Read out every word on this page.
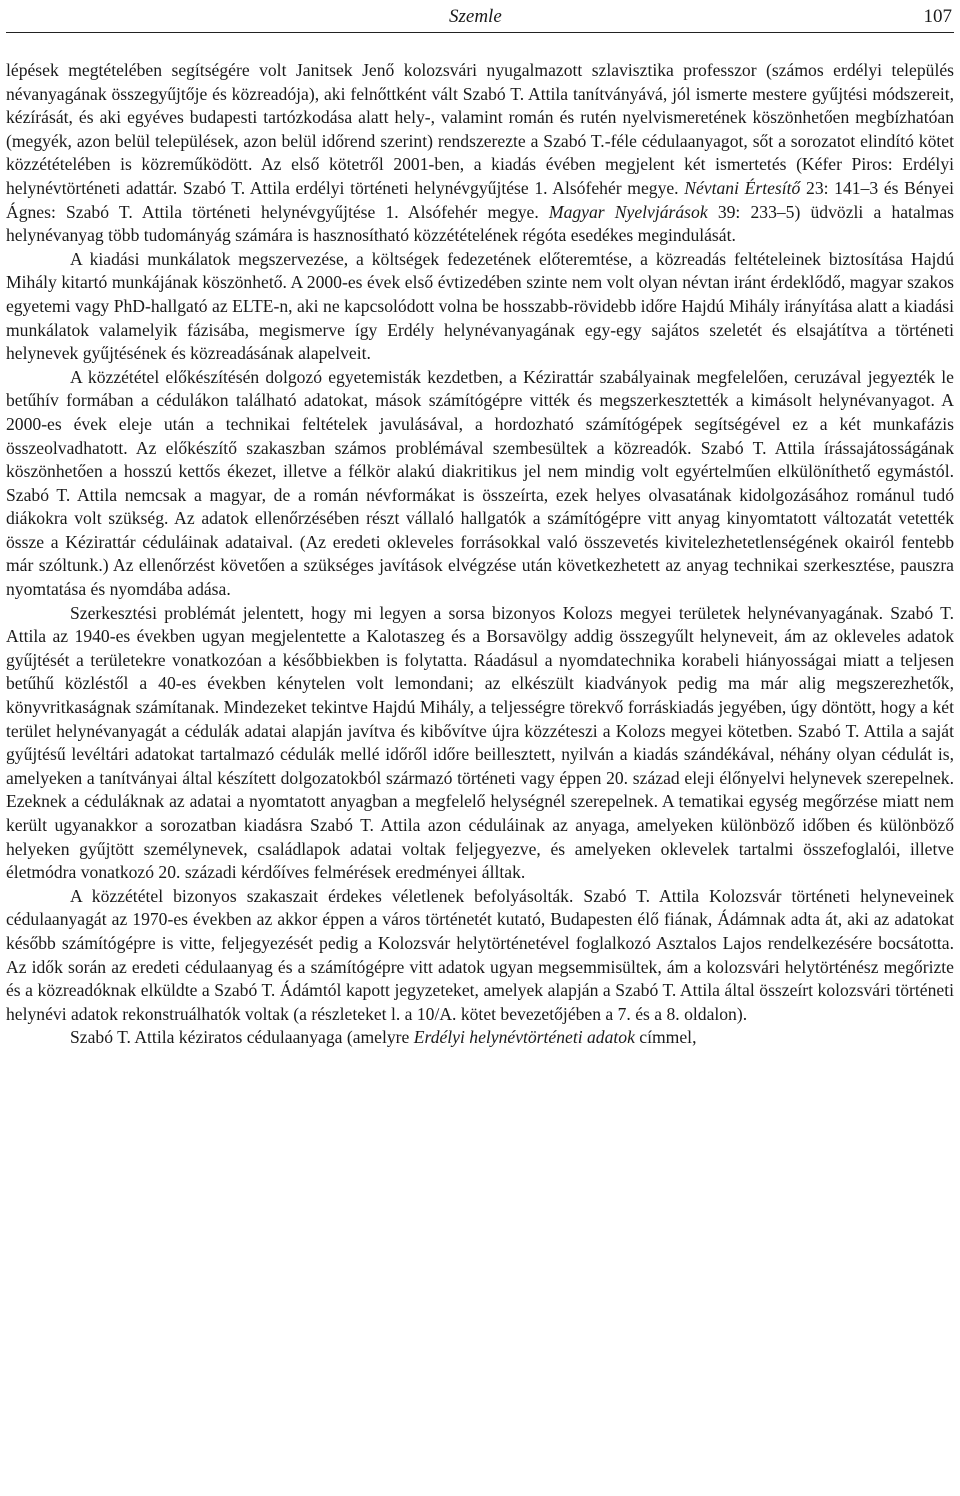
Szemle	107

lépések megtételében segítségére volt Janitsek Jenő kolozsvári nyugalmazott szlavisztika professzor (számos erdélyi település névanyagának összegyűjtője és közreadója), aki felnőttként vált Szabó T. Attila tanítványává, jól ismerte mestere gyűjtési módszereit, kézírását, és aki egyéves budapesti tartózkodása alatt hely-, valamint román és rutén nyelvismeretének köszönhetően megbízhatóan (megyék, azon belül települések, azon belül időrend szerint) rendszerezte a Szabó T.-féle cédulaanyagot, sőt a sorozatot elindító kötet közzétételében is közreműködött. Az első kötetről 2001-ben, a kiadás évében megjelent két ismertetés (Kéfer Piros: Erdélyi helynévtörténeti adattár. Szabó T. Attila erdélyi történeti helynévgyűjtése 1. Alsófehér megye. Névtani Értesítő 23: 141–3 és Bényei Ágnes: Szabó T. Attila történeti helynévgyűjtése 1. Alsófehér megye. Magyar Nyelvjárások 39: 233–5) üdvözli a hatalmas helynévanyag több tudományág számára is hasznosítható közzétételének régóta esedékes megindulását.

A kiadási munkálatok megszervezése, a költségek fedezetének előteremtése, a közreadás feltételeinek biztosítása Hajdú Mihály kitartó munkájának köszönhető. A 2000-es évek első évtizedében szinte nem volt olyan névtan iránt érdeklődő, magyar szakos egyetemi vagy PhD-hallgató az ELTE-n, aki ne kapcsolódott volna be hosszabb-rövidebb időre Hajdú Mihály irányítása alatt a kiadási munkálatok valamelyik fázisába, megismerve így Erdély helynévanyagának egy-egy sajátos szeletét és elsajátítva a történeti helynevek gyűjtésének és közreadásának alapelveit.

A közzététel előkészítésén dolgozó egyetemisták kezdetben, a Kézirattár szabályainak megfelelően, ceruzával jegyezték le betűhív formában a cédulákon található adatokat, mások számítógépre vitték és megszerkesztették a kimásolt helynévanyagot. A 2000-es évek eleje után a technikai feltételek javulásával, a hordozható számítógépek segítségével ez a két munkafázis összeolvadhatott. Az előkészítő szakaszban számos problémával szembesültek a közreadók. Szabó T. Attila írássajátosságának köszönhetően a hosszú kettős ékezet, illetve a félkör alakú diakritikus jel nem mindig volt egyértelműen elkülöníthető egymástól. Szabó T. Attila nemcsak a magyar, de a román névformákat is összeírta, ezek helyes olvasatának kidolgozásához románul tudó diákokra volt szükség. Az adatok ellenőrzésében részt vállaló hallgatók a számítógépre vitt anyag kinyomtatott változatát vetették össze a Kézirattár céduláinak adataival. (Az eredeti okleveles forrásokkal való összevetés kivitelezhetetlenségének okairól fentebb már szóltunk.) Az ellenőrzést követően a szükséges javítások elvégzése után következhetett az anyag technikai szerkesztése, pauszra nyomtatása és nyomdába adása.

Szerkesztési problémát jelentett, hogy mi legyen a sorsa bizonyos Kolozs megyei területek helynévanyagának. Szabó T. Attila az 1940-es években ugyan megjelentette a Kalotaszeg és a Borsavölgy addig összegyűlt helyneveit, ám az okleveles adatok gyűjtését a területekre vonatkozóan a későbbiekben is folytatta. Ráadásul a nyomdatechnika korabeli hiányosságai miatt a teljesen betűhű közléstől a 40-es években kénytelen volt lemondani; az elkészült kiadványok pedig ma már alig megszerezhetők, könyvritkaságnak számítanak. Mindezeket tekintve Hajdú Mihály, a teljességre törekvő forráskiadás jegyében, úgy döntött, hogy a két terület helynévanyagát a cédulák adatai alapján javítva és kibővítve újra közzéteszi a Kolozs megyei kötetben. Szabó T. Attila a saját gyűjtésű levéltári adatokat tartalmazó cédulák mellé időről időre beillesztett, nyilván a kiadás szándékával, néhány olyan cédulát is, amelyeken a tanítványai által készített dolgozatokból származó történeti vagy éppen 20. század eleji élőnyelvi helynevek szerepelnek. Ezeknek a céduláknak az adatai a nyomtatott anyagban a megfelelő helységnél szerepelnek. A tematikai egység megőrzése miatt nem került ugyanakkor a sorozatban kiadásra Szabó T. Attila azon céduláinak az anyaga, amelyeken különböző időben és különböző helyeken gyűjtött személynevek, családlapok adatai voltak feljegyezve, és amelyeken oklevelek tartalmi összefoglalói, illetve életmódra vonatkozó 20. századi kérdőíves felmérések eredményei álltak.

A közzététel bizonyos szakaszait érdekes véletlenek befolyásolták. Szabó T. Attila Kolozsvár történeti helyneveinek cédulaanyagát az 1970-es években az akkor éppen a város történetét kutató, Budapesten élő fiának, Ádámnak adta át, aki az adatokat később számítógépre is vitte, feljegyezését pedig a Kolozsvár helytörténetével foglalkozó Asztalos Lajos rendelkezésére bocsátotta. Az idők során az eredeti cédulaanyag és a számítógépre vitt adatok ugyan megsemmisültek, ám a kolozsvári helytörténész megőrizte és a közreadóknak elküldte a Szabó T. Ádámtól kapott jegyzeteket, amelyek alapján a Szabó T. Attila által összeírt kolozsvári történeti helynévi adatok rekonstruálhatók voltak (a részleteket l. a 10/A. kötet bevezetőjében a 7. és a 8. oldalon).

Szabó T. Attila kéziratos cédulaanyaga (amelyre Erdélyi helynévtörténeti adatok címmel,
